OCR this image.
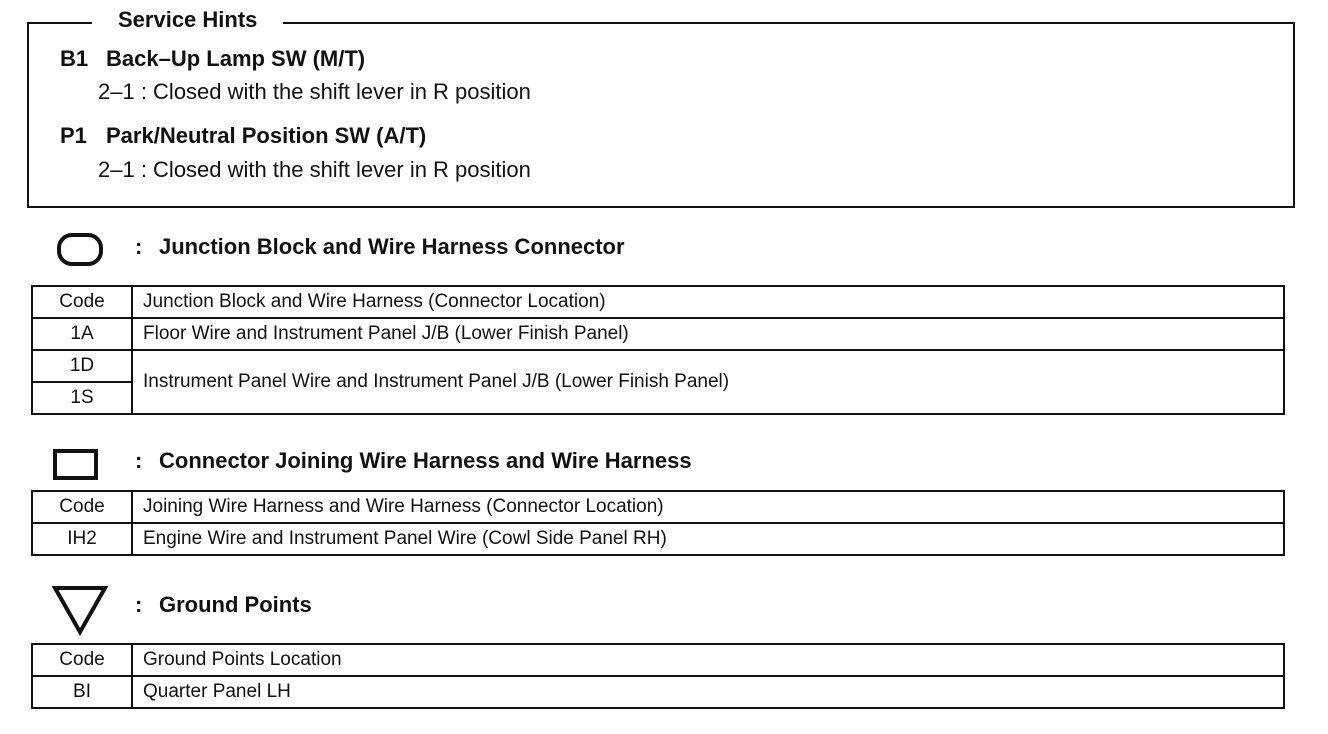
Service Hints
B1 Back–Up Lamp SW (M/T)
2–1 : Closed with the shift lever in R position
P1 Park/Neutral Position SW (A/T)
2–1 : Closed with the shift lever in R position
: Junction Block and Wire Harness Connector
Code	Junction Block and Wire Harness (Connector Location)
1A	Floor Wire and Instrument Panel J/B (Lower Finish Panel)
1D	Instrument Panel Wire and Instrument Panel J/B (Lower Finish Panel)
1S	
: Connector Joining Wire Harness and Wire Harness
Code	Joining Wire Harness and Wire Harness (Connector Location)
IH2	Engine Wire and Instrument Panel Wire (Cowl Side Panel RH)
: Ground Points
Code	Ground Points Location
BI	Quarter Panel LH
